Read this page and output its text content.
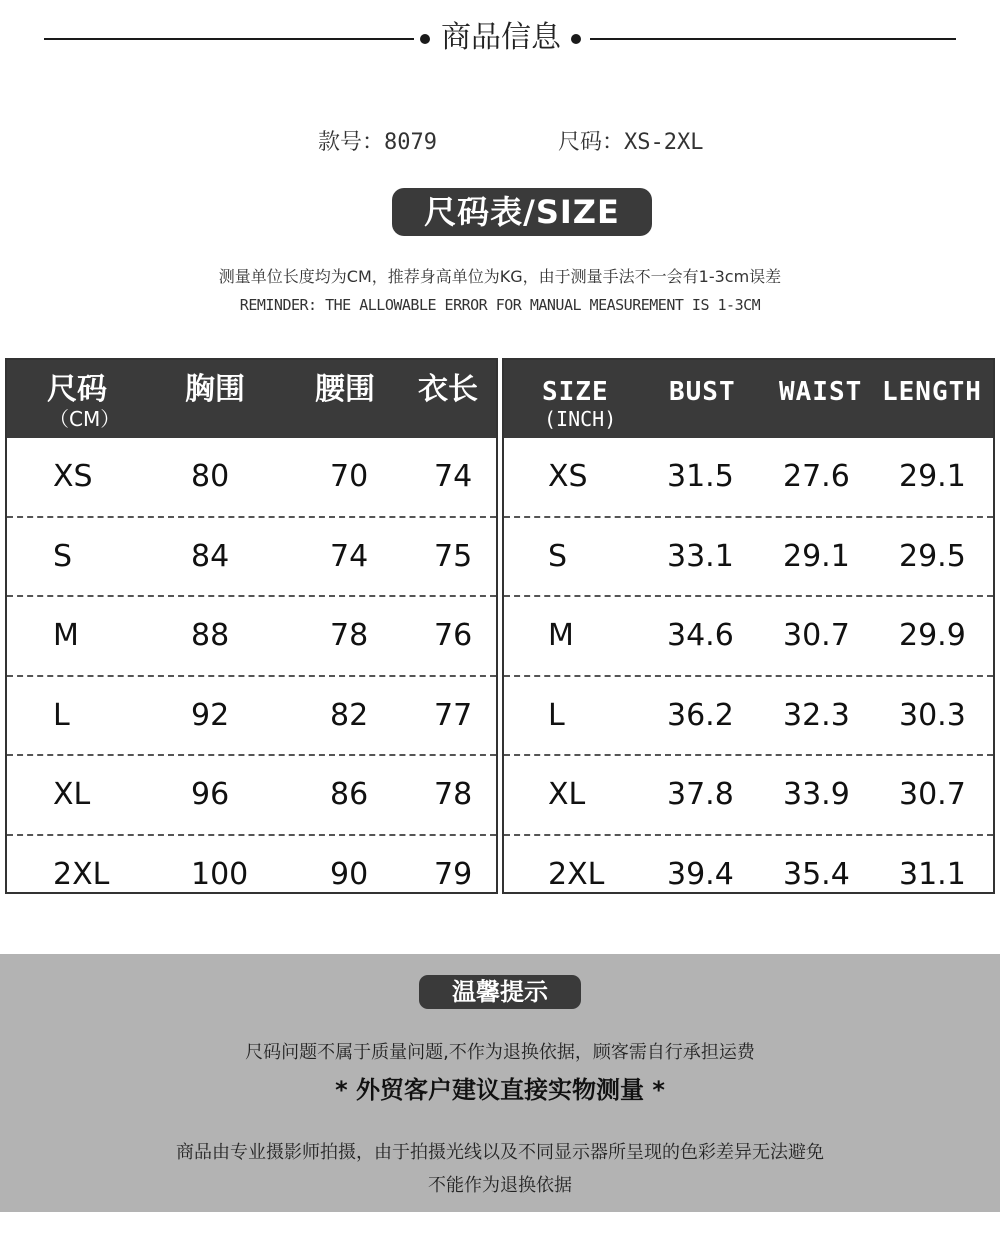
商品信息
款号：8079	尺码：XS-2XL
尺码表/SIZE
测量单位长度均为CM，推荐身高单位为KG，由于测量手法不一会有1-3cm误差
REMINDER: THE ALLOWABLE ERROR FOR MANUAL MEASUREMENT IS 1-3CM
尺码
（CM）
胸围 腰围 衣长
XS	80	70 74
S	84	74 75
M	88	78 76
L	92	82 77
XL	96	86 78
2XL	100	90 79
SIZE
(INCH)
BUST WAIST LENGTH
XS	31.5 27.6 29.1
S	33.1 29.1 29.5
M	34.6 30.7 29.9
L	36.2 32.3 30.3
XL	37.8 33.9 30.7
2XL 39.4 35.4 31.1
温馨提示
尺码问题不属于质量问题,不作为退换依据，顾客需自行承担运费
* 外贸客户建议直接实物测量 *
商品由专业摄影师拍摄，由于拍摄光线以及不同显示器所呈现的色彩差异无法避免
不能作为退换依据
